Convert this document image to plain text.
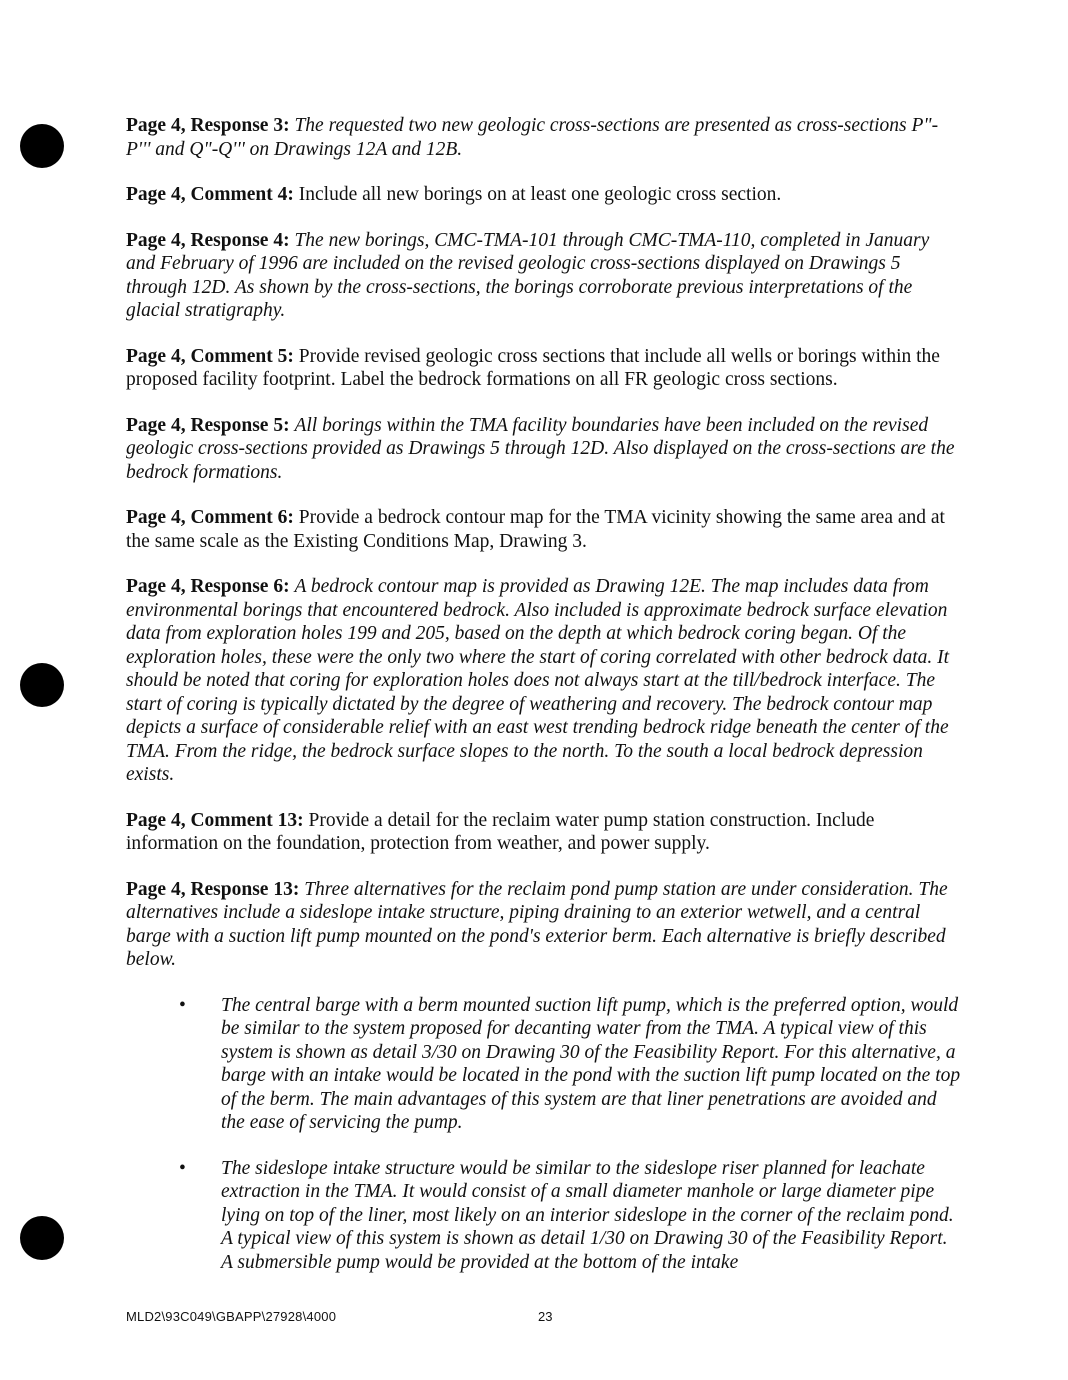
Page 4, Response 3: The requested two new geologic cross-sections are presented as cross-sections P"-P''' and Q"-Q''' on Drawings 12A and 12B.

Page 4, Comment 4: Include all new borings on at least one geologic cross section.

Page 4, Response 4: The new borings, CMC-TMA-101 through CMC-TMA-110, completed in January and February of 1996 are included on the revised geologic cross-sections displayed on Drawings 5 through 12D. As shown by the cross-sections, the borings corroborate previous interpretations of the glacial stratigraphy.

Page 4, Comment 5: Provide revised geologic cross sections that include all wells or borings within the proposed facility footprint. Label the bedrock formations on all FR geologic cross sections.

Page 4, Response 5: All borings within the TMA facility boundaries have been included on the revised geologic cross-sections provided as Drawings 5 through 12D. Also displayed on the cross-sections are the bedrock formations.

Page 4, Comment 6: Provide a bedrock contour map for the TMA vicinity showing the same area and at the same scale as the Existing Conditions Map, Drawing 3.

Page 4, Response 6: A bedrock contour map is provided as Drawing 12E. The map includes data from environmental borings that encountered bedrock. Also included is approximate bedrock surface elevation data from exploration holes 199 and 205, based on the depth at which bedrock coring began. Of the exploration holes, these were the only two where the start of coring correlated with other bedrock data. It should be noted that coring for exploration holes does not always start at the till/bedrock interface. The start of coring is typically dictated by the degree of weathering and recovery. The bedrock contour map depicts a surface of considerable relief with an east west trending bedrock ridge beneath the center of the TMA. From the ridge, the bedrock surface slopes to the north. To the south a local bedrock depression exists.

Page 4, Comment 13: Provide a detail for the reclaim water pump station construction. Include information on the foundation, protection from weather, and power supply.

Page 4, Response 13: Three alternatives for the reclaim pond pump station are under consideration. The alternatives include a sideslope intake structure, piping draining to an exterior wetwell, and a central barge with a suction lift pump mounted on the pond's exterior berm. Each alternative is briefly described below.

• The central barge with a berm mounted suction lift pump, which is the preferred option, would be similar to the system proposed for decanting water from the TMA. A typical view of this system is shown as detail 3/30 on Drawing 30 of the Feasibility Report. For this alternative, a barge with an intake would be located in the pond with the suction lift pump located on the top of the berm. The main advantages of this system are that liner penetrations are avoided and the ease of servicing the pump.
• The sideslope intake structure would be similar to the sideslope riser planned for leachate extraction in the TMA. It would consist of a small diameter manhole or large diameter pipe lying on top of the liner, most likely on an interior sideslope in the corner of the reclaim pond. A typical view of this system is shown as detail 1/30 on Drawing 30 of the Feasibility Report. A submersible pump would be provided at the bottom of the intake
MLD2\93C049\GBAPP\27928\4000	23
